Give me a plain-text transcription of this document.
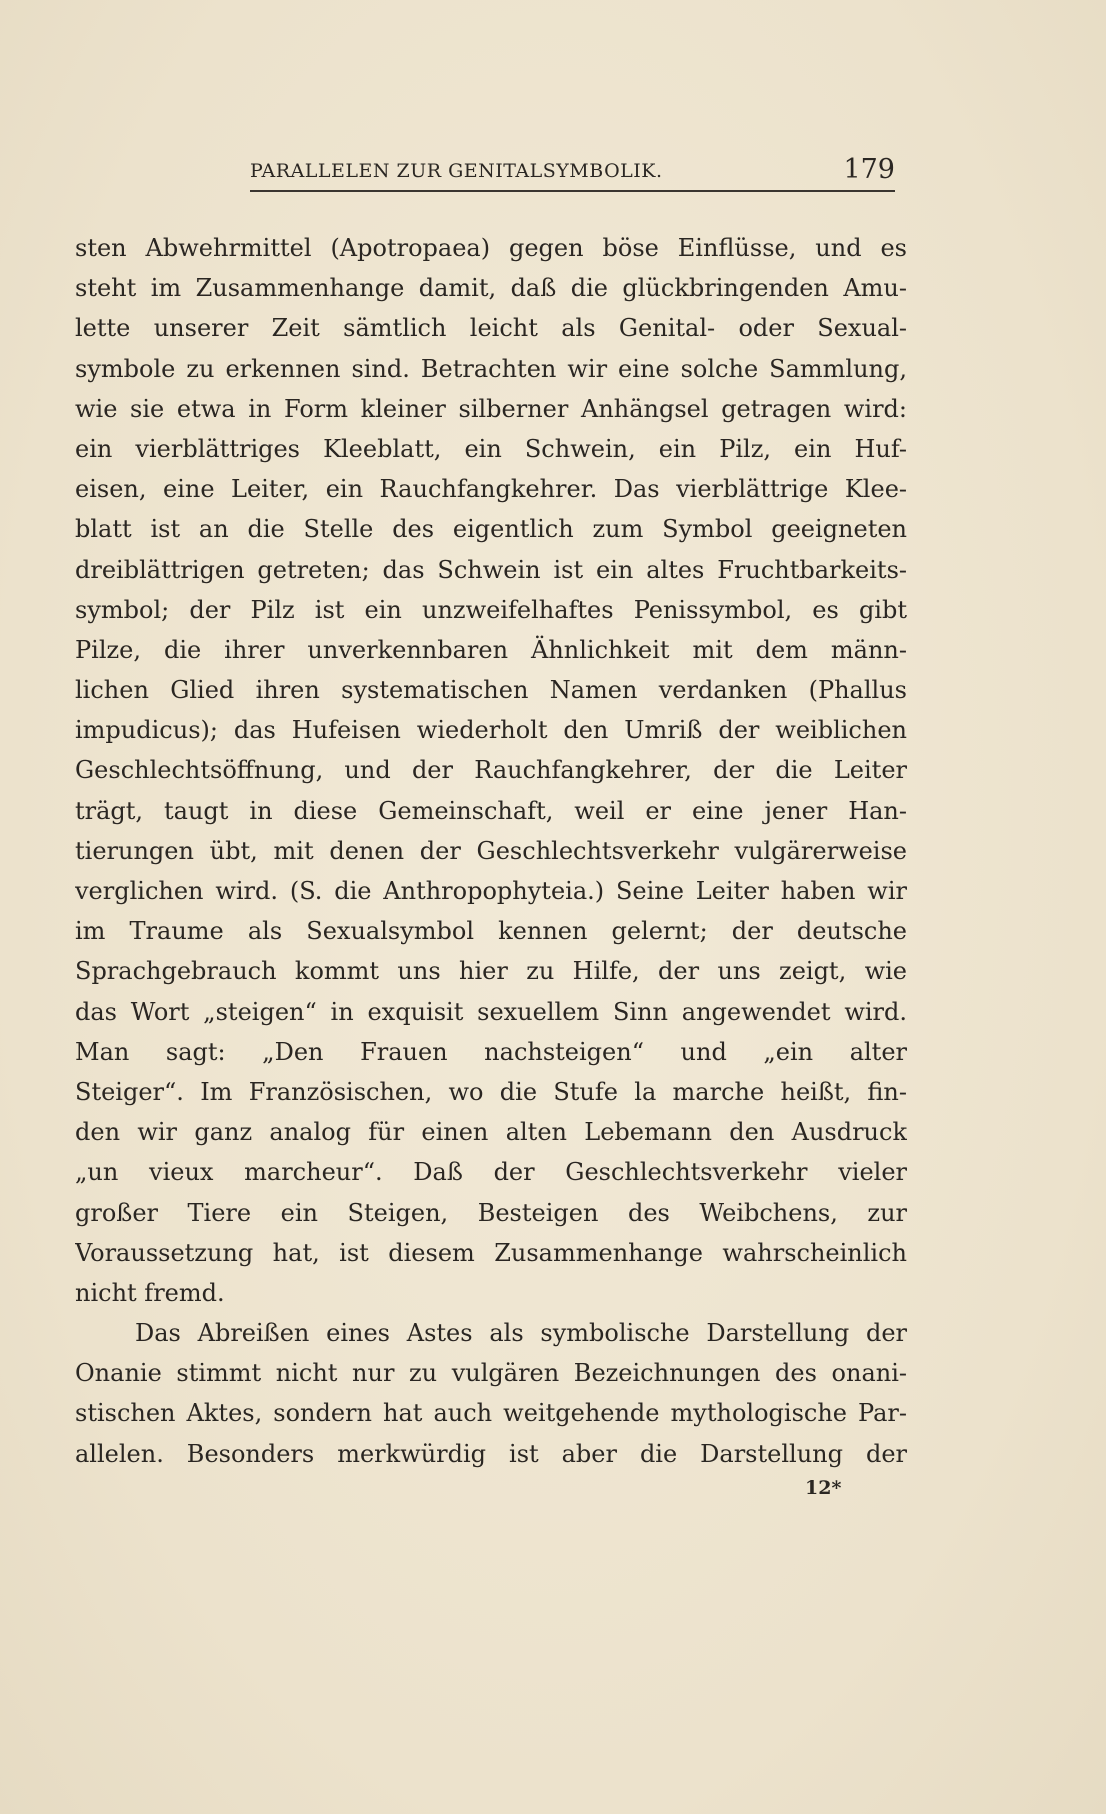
PARALLELEN ZUR GENITALSYMBOLIK.	179
sten Abwehrmittel (Apotropaea) gegen böse Einflüsse, und es
steht im Zusammenhange damit, daß die glückbringenden Amu-
lette unserer Zeit sämtlich leicht als Genital- oder Sexual-
symbole zu erkennen sind. Betrachten wir eine solche Sammlung,
wie sie etwa in Form kleiner silberner Anhängsel getragen wird:
ein vierblättriges Kleeblatt, ein Schwein, ein Pilz, ein Huf-
eisen, eine Leiter, ein Rauchfangkehrer. Das vierblättrige Klee-
blatt ist an die Stelle des eigentlich zum Symbol geeigneten
dreiblättrigen getreten; das Schwein ist ein altes Fruchtbarkeits-
symbol; der Pilz ist ein unzweifelhaftes Penissymbol, es gibt
Pilze, die ihrer unverkennbaren Ähnlichkeit mit dem männ-
lichen Glied ihren systematischen Namen verdanken (Phallus
impudicus); das Hufeisen wiederholt den Umriß der weiblichen
Geschlechtsöffnung, und der Rauchfangkehrer, der die Leiter
trägt, taugt in diese Gemeinschaft, weil er eine jener Han-
tierungen übt, mit denen der Geschlechtsverkehr vulgärerweise
verglichen wird. (S. die Anthropophyteia.) Seine Leiter haben wir
im Traume als Sexualsymbol kennen gelernt; der deutsche
Sprachgebrauch kommt uns hier zu Hilfe, der uns zeigt, wie
das Wort „steigen“ in exquisit sexuellem Sinn angewendet wird.
Man sagt: „Den Frauen nachsteigen“ und „ein alter
Steiger“. Im Französischen, wo die Stufe la marche heißt, fin-
den wir ganz analog für einen alten Lebemann den Ausdruck
„un vieux marcheur“. Daß der Geschlechtsverkehr vieler
großer Tiere ein Steigen, Besteigen des Weibchens, zur
Voraussetzung hat, ist diesem Zusammenhange wahrscheinlich
nicht fremd.
Das Abreißen eines Astes als symbolische Darstellung der
Onanie stimmt nicht nur zu vulgären Bezeichnungen des onani-
stischen Aktes, sondern hat auch weitgehende mythologische Par-
allelen. Besonders merkwürdig ist aber die Darstellung der
12*
